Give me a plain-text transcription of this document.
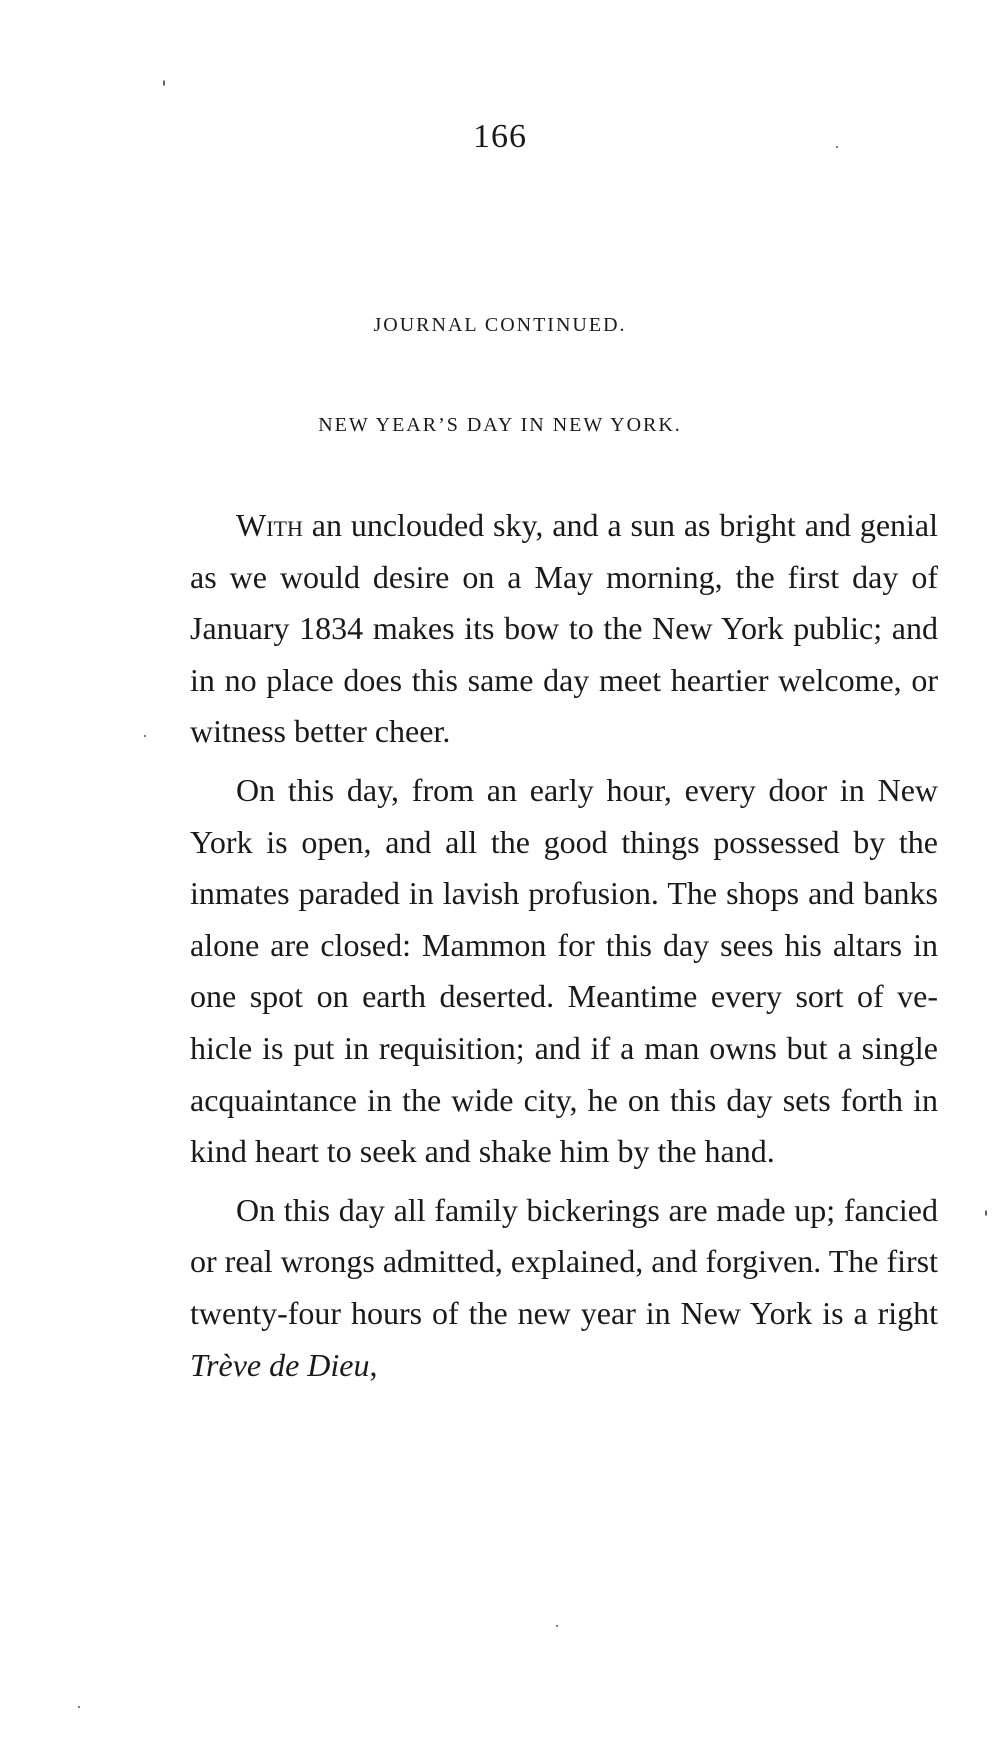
166
JOURNAL CONTINUED.
NEW YEAR’S DAY IN NEW YORK.

With an unclouded sky, and a sun as bright and genial as we would desire on a May morning, the first day of January 1834 makes its bow to the New York public; and in no place does this same day meet heartier welcome, or witness better cheer.

On this day, from an early hour, every door in New York is open, and all the good things possessed by the inmates paraded in lavish profusion. The shops and banks alone are closed: Mammon for this day sees his altars in one spot on earth deserted. Meantime every sort of vehicle is put in requisition; and if a man owns but a single acquaintance in the wide city, he on this day sets forth in kind heart to seek and shake him by the hand.

On this day all family bickerings are made up; fancied or real wrongs admitted, explained, and forgiven. The first twenty-four hours of the new year in New York is a right Trève de Dieu,
